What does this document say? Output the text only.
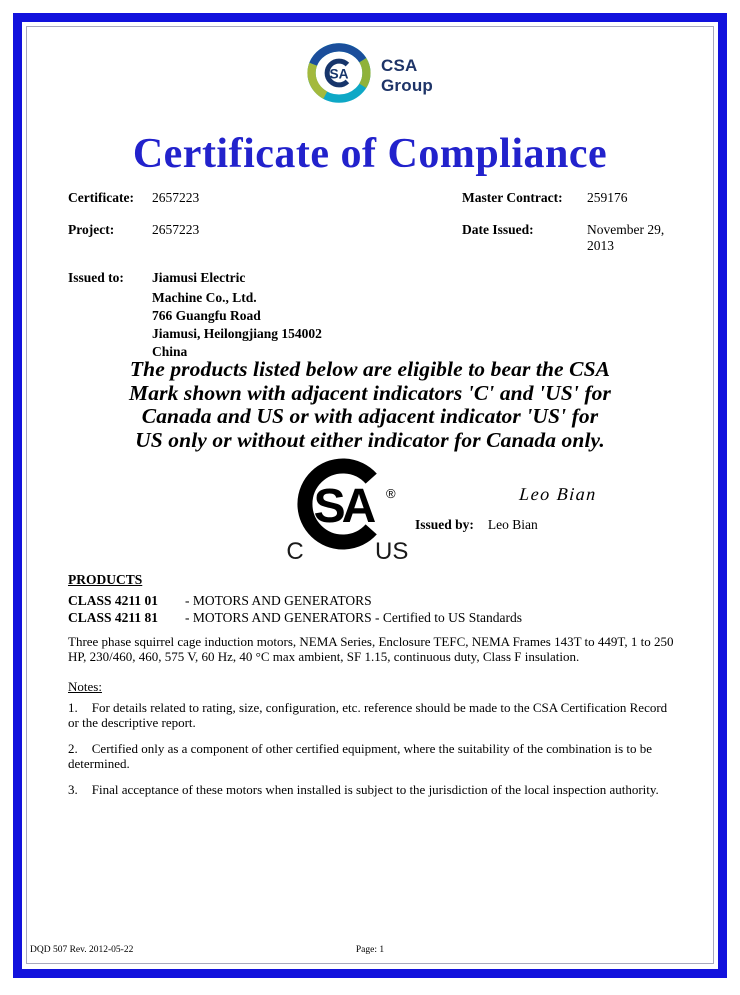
SA CSA
Group
Certificate of Compliance
Certificate:	2657223	Master Contract:	259176
Project:	2657223	Date Issued:	November 29, 2013
Issued to:	Jiamusi Electric
Machine Co., Ltd.
766 Guangfu Road
Jiamusi, Heilongjiang 154002
China
The products listed below are eligible to bear the CSA
Mark shown with adjacent indicators 'C' and 'US' for
Canada and US or with adjacent indicator 'US' for
US only or without either indicator for Canada only.
SA ®
C	US
Leo Bian
Issued by: Leo Bian
PRODUCTS
CLASS 4211 01	- MOTORS AND GENERATORS
CLASS 4211 81	- MOTORS AND GENERATORS - Certified to US Standards
Three phase squirrel cage induction motors, NEMA Series, Enclosure TEFC, NEMA Frames 143T to 449T, 1 to 250 HP, 230/460, 460, 575 V, 60 Hz, 40 °C max ambient, SF 1.15, continuous duty, Class F insulation.
Notes:
1. For details related to rating, size, configuration, etc. reference should be made to the CSA Certification Record or the descriptive report.
2. Certified only as a component of other certified equipment, where the suitability of the combination is to be determined.
3. Final acceptance of these motors when installed is subject to the jurisdiction of the local inspection authority.
DQD 507 Rev. 2012-05-22	Page: 1
